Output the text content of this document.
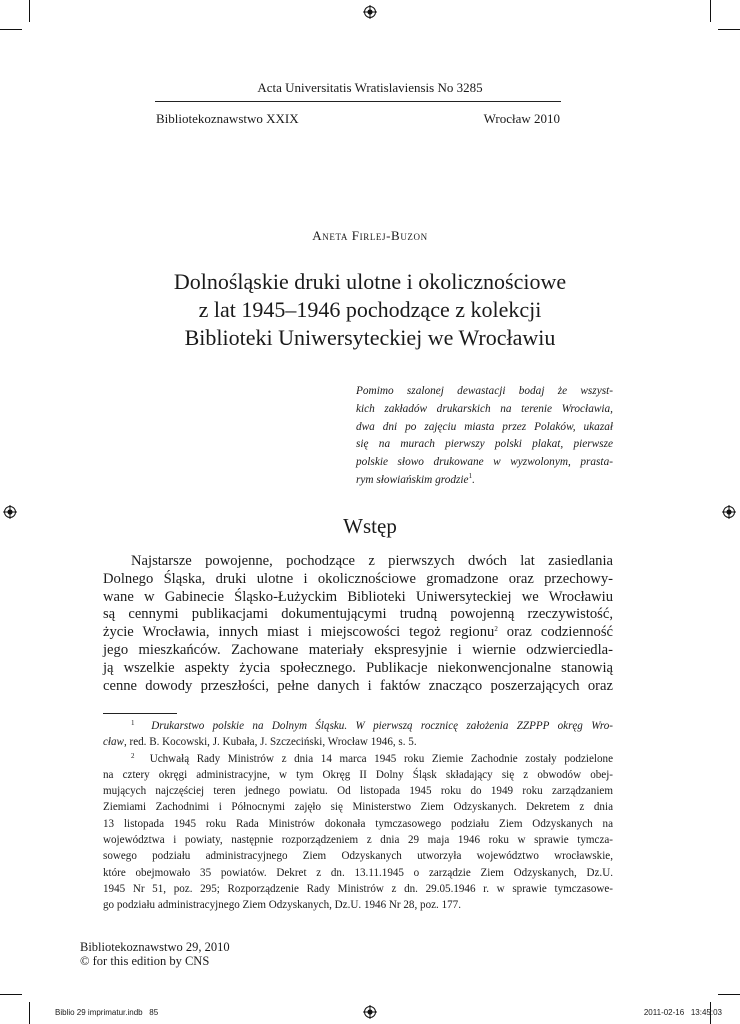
Acta Universitatis Wratislaviensis No 3285
Bibliotekoznawstwo XXIX	Wrocław 2010
Aneta Firlej-Buzon
Dolnośląskie druki ulotne i okolicznościowe
z lat 1945–1946 pochodzące z kolekcji
Biblioteki Uniwersyteckiej we Wrocławiu
Pomimo szalonej dewastacji bodaj że wszyst-
kich zakładów drukarskich na terenie Wrocławia,
dwa dni po zajęciu miasta przez Polaków, ukazał
się na murach pierwszy polski plakat, pierwsze
polskie słowo drukowane w wyzwolonym, prasta-
rym słowiańskim grodzie$^1$.
Wstęp
Najstarsze powojenne, pochodzące z pierwszych dwóch lat zasiedlania
Dolnego Śląska, druki ulotne i okolicznościowe gromadzone oraz przechowy-
wane w Gabinecie Śląsko-Łużyckim Biblioteki Uniwersyteckiej we Wrocławiu
są cennymi publikacjami dokumentującymi trudną powojenną rzeczywistość,
życie Wrocławia, innych miast i miejscowości tegoż regionu$^2$ oraz codzienność
jego mieszkańców. Zachowane materiały ekspresyjnie i wiernie odzwierciedla-
ją wszelkie aspekty życia społecznego. Publikacje niekonwencjonalne stanowią
cenne dowody przeszłości, pełne danych i faktów znacząco poszerzających oraz
$^1$ Drukarstwo polskie na Dolnym Śląsku. W pierwszą rocznicę założenia ZZPPP okręg Wro-
cław, red. B. Kocowski, J. Kubała, J. Szczeciński, Wrocław 1946, s. 5.
$^2$ Uchwałą Rady Ministrów z dnia 14 marca 1945 roku Ziemie Zachodnie zostały podzielone
na cztery okręgi administracyjne, w tym Okręg II Dolny Śląsk składający się z obwodów obej-
mujących najczęściej teren jednego powiatu. Od listopada 1945 roku do 1949 roku zarządzaniem
Ziemiami Zachodnimi i Północnymi zajęło się Ministerstwo Ziem Odzyskanych. Dekretem z dnia
13 listopada 1945 roku Rada Ministrów dokonała tymczasowego podziału Ziem Odzyskanych na
województwa i powiaty, następnie rozporządzeniem z dnia 29 maja 1946 roku w sprawie tymcza-
sowego podziału administracyjnego Ziem Odzyskanych utworzyła województwo wrocławskie,
które obejmowało 35 powiatów. Dekret z dn. 13.11.1945 o zarządzie Ziem Odzyskanych, Dz.U.
1945 Nr 51, poz. 295; Rozporządzenie Rady Ministrów z dn. 29.05.1946 r. w sprawie tymczasowe-
go podziału administracyjnego Ziem Odzyskanych, Dz.U. 1946 Nr 28, poz. 177.
Bibliotekoznawstwo 29, 2010
© for this edition by CNS
Biblio 29 imprimatur.indb   85	2011-02-16   13:45:03
